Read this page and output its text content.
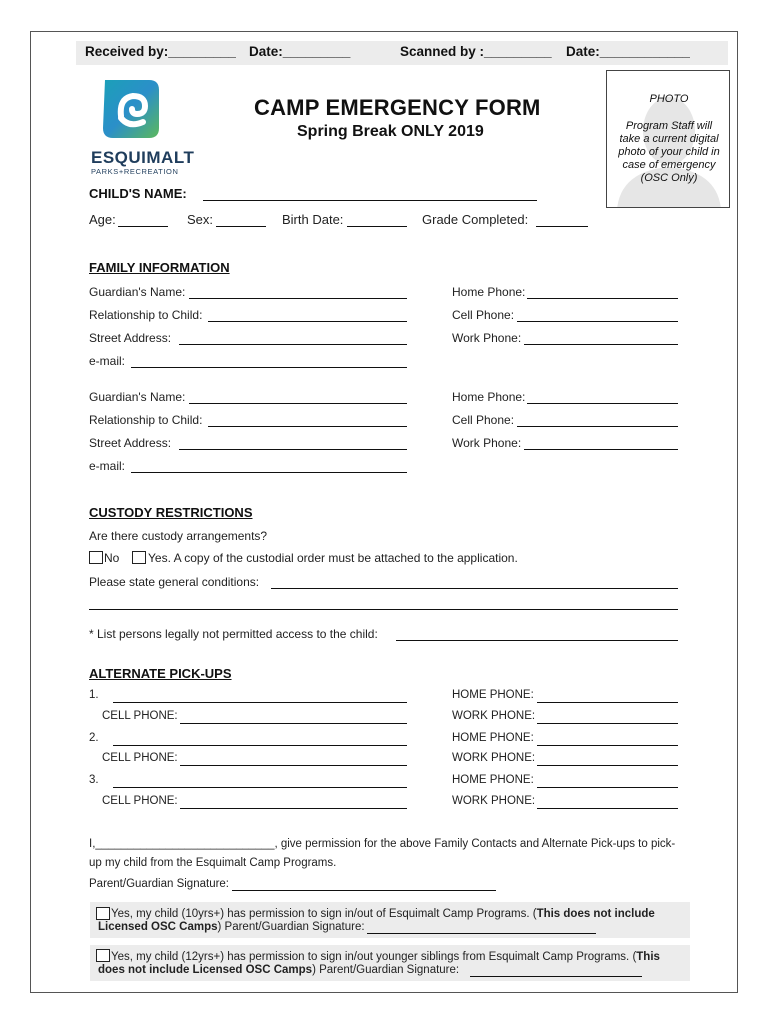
Received by:_________ Date:_________	Scanned by :_________ Date:____________
ESQUIMALT
PARKS+RECREATION
CAMP EMERGENCY FORM
Spring Break ONLY 2019
PHOTO
Program Staff will take a current digital photo of your child in case of emergency (OSC Only)
CHILD'S NAME:
Age:	Sex:	Birth Date:	Grade Completed:
FAMILY INFORMATION
Guardian's Name:
Relationship to Child:
Street Address:
e-mail:
Home Phone:
Cell Phone:
Work Phone:
Guardian's Name:
Relationship to Child:
Street Address:
e-mail:
Home Phone:
Cell Phone:
Work Phone:
CUSTODY RESTRICTIONS
Are there custody arrangements?
No Yes. A copy of the custodial order must be attached to the application.
Please state general conditions:
* List persons legally not permitted access to the child:
ALTERNATE PICK-UPS
1.	HOME PHONE:
CELL PHONE:	WORK PHONE:
2.	HOME PHONE:
CELL PHONE:	WORK PHONE:
3.	HOME PHONE:
CELL PHONE:	WORK PHONE:
I,____________________________, give permission for the above Family Contacts and Alternate Pick-ups to pick-
up my child from the Esquimalt Camp Programs.
Parent/Guardian Signature:
Yes, my child (10yrs+) has permission to sign in/out of Esquimalt Camp Programs. (This does not include
Licensed OSC Camps) Parent/Guardian Signature:
Yes, my child (12yrs+) has permission to sign in/out younger siblings from Esquimalt Camp Programs. (This
does not include Licensed OSC Camps) Parent/Guardian Signature:
